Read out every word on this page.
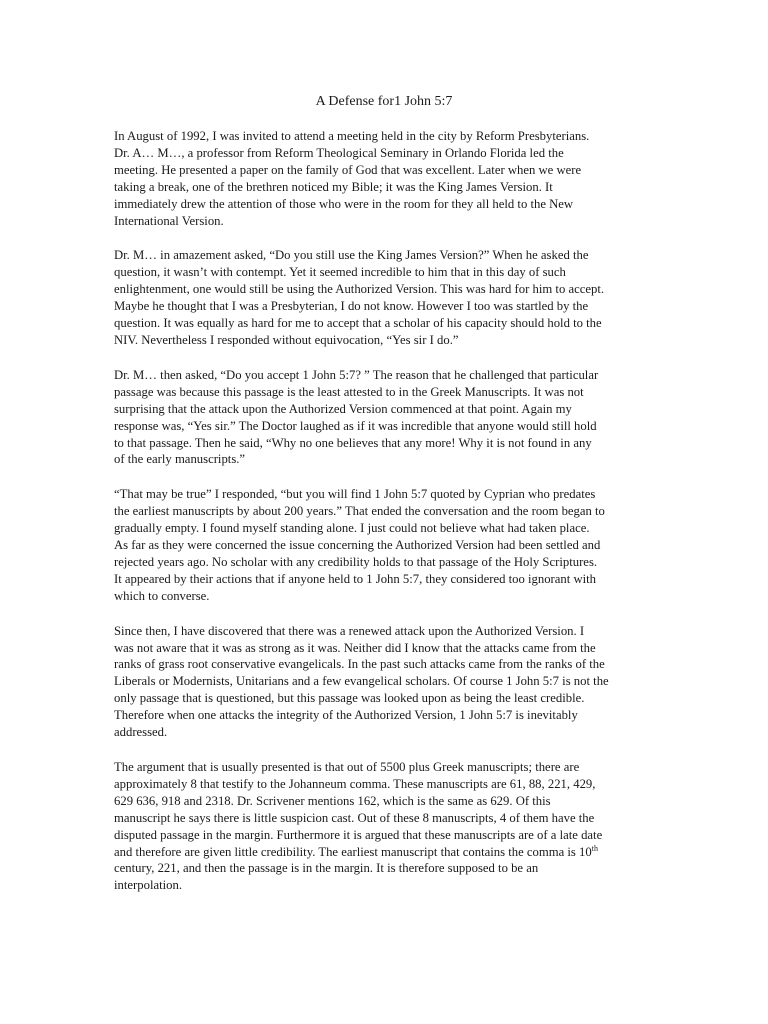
A Defense for1 John 5:7

In August of 1992, I was invited to attend a meeting held in the city by Reform Presbyterians.
Dr. A… M…, a professor from Reform Theological Seminary in Orlando Florida led the
meeting. He presented a paper on the family of God that was excellent. Later when we were
taking a break, one of the brethren noticed my Bible; it was the King James Version. It
immediately drew the attention of those who were in the room for they all held to the New
International Version.

Dr. M… in amazement asked, “Do you still use the King James Version?” When he asked the
question, it wasn’t with contempt. Yet it seemed incredible to him that in this day of such
enlightenment, one would still be using the Authorized Version. This was hard for him to accept.
Maybe he thought that I was a Presbyterian, I do not know. However I too was startled by the
question. It was equally as hard for me to accept that a scholar of his capacity should hold to the
NIV. Nevertheless I responded without equivocation, “Yes sir I do.”

Dr. M… then asked, “Do you accept 1 John 5:7? ” The reason that he challenged that particular
passage was because this passage is the least attested to in the Greek Manuscripts. It was not
surprising that the attack upon the Authorized Version commenced at that point. Again my
response was, “Yes sir.” The Doctor laughed as if it was incredible that anyone would still hold
to that passage. Then he said, “Why no one believes that any more! Why it is not found in any
of the early manuscripts.”

“That may be true” I responded, “but you will find 1 John 5:7 quoted by Cyprian who predates
the earliest manuscripts by about 200 years.” That ended the conversation and the room began to
gradually empty. I found myself standing alone. I just could not believe what had taken place.
As far as they were concerned the issue concerning the Authorized Version had been settled and
rejected years ago. No scholar with any credibility holds to that passage of the Holy Scriptures.
It appeared by their actions that if anyone held to 1 John 5:7, they considered too ignorant with
which to converse.

Since then, I have discovered that there was a renewed attack upon the Authorized Version. I
was not aware that it was as strong as it was. Neither did I know that the attacks came from the
ranks of grass root conservative evangelicals. In the past such attacks came from the ranks of the
Liberals or Modernists, Unitarians and a few evangelical scholars. Of course 1 John 5:7 is not the
only passage that is questioned, but this passage was looked upon as being the least credible.
Therefore when one attacks the integrity of the Authorized Version, 1 John 5:7 is inevitably
addressed.

The argument that is usually presented is that out of 5500 plus Greek manuscripts; there are
approximately 8 that testify to the Johanneum comma. These manuscripts are 61, 88, 221, 429,
629 636, 918 and 2318. Dr. Scrivener mentions 162, which is the same as 629. Of this
manuscript he says there is little suspicion cast. Out of these 8 manuscripts, 4 of them have the
disputed passage in the margin. Furthermore it is argued that these manuscripts are of a late date
and therefore are given little credibility. The earliest manuscript that contains the comma is 10th
century, 221, and then the passage is in the margin. It is therefore supposed to be an
interpolation.
